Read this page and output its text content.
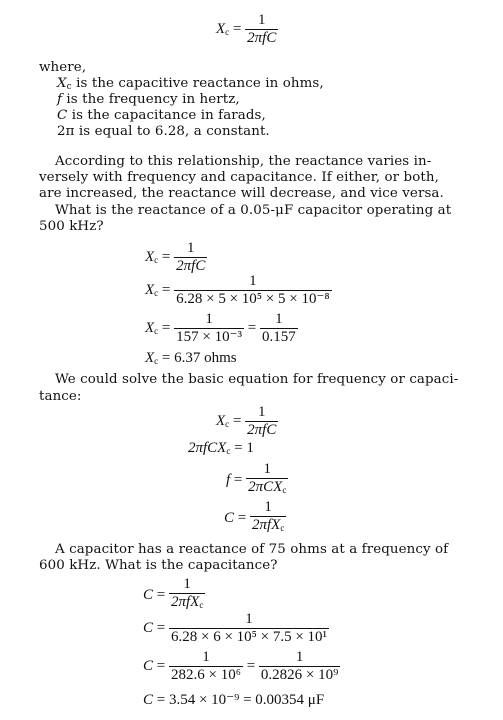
$X_c = \frac{1}{\text{2πfC}}$
where,
$X_c$ is the capacitive reactance in ohms,
f is the frequency in hertz,
C is the capacitance in farads,
2π is equal to 6.28, a constant.
According to this relationship, the reactance varies in-
versely with frequency and capacitance. If either, or both,
are increased, the reactance will decrease, and vice versa.
What is the reactance of a 0.05-μF capacitor operating at
500 kHz?
$X_c = \frac{1}{\text{2πfC}}$
$X_c = \frac{1}{\text{6.28 × 5 × 10⁵ × 5 × 10⁻⁸}}$
$X_c = \frac{1}{\text{157 × 10⁻³}} = \frac{1}{0.157}$
$X_c = 6.37$ ohms
We could solve the basic equation for frequency or capaci-
tance:
$X_c = \frac{1}{\text{2πfC}}$
2πfCX$_c$ = 1
$f = \frac{1}{2\pi CX_c}$
$C = \frac{1}{2\pi fX_c}$
A capacitor has a reactance of 75 ohms at a frequency of
600 kHz. What is the capacitance?
$C = \frac{1}{2\pi fX_c}$
$C = \frac{1}{\text{6.28 × 6 × 10⁵ × 7.5 × 10¹}}$
$C = \frac{1}{\text{282.6 × 10⁶}} = \frac{1}{\text{0.2826 × 10⁹}}$
C = 3.54 × 10⁻⁹ = 0.00354 μF
